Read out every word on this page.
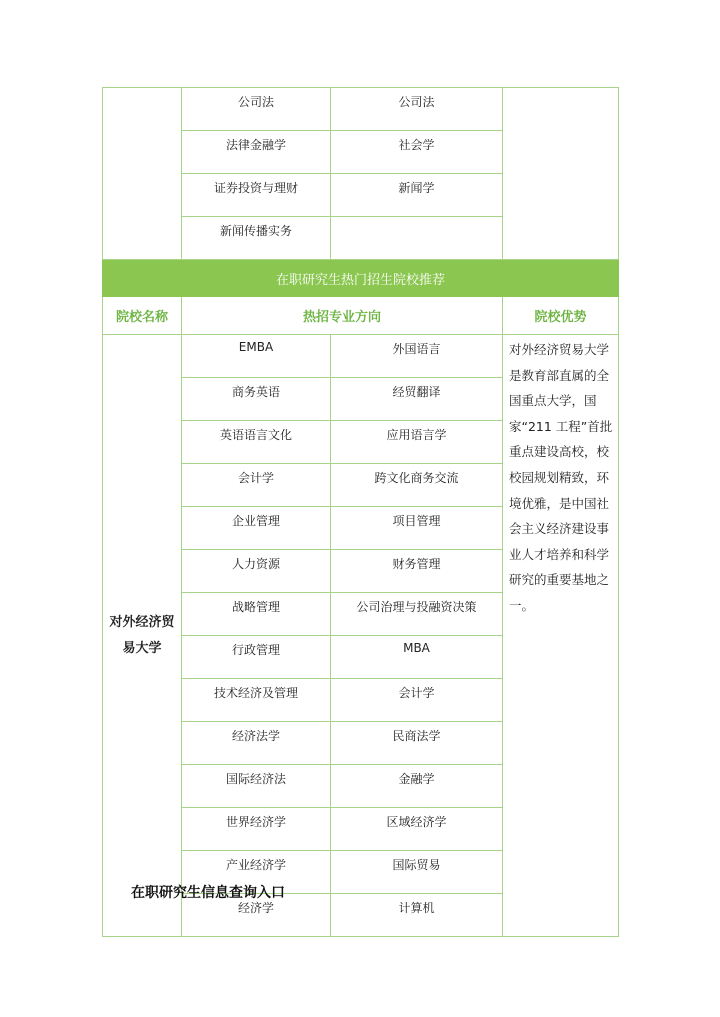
	公司法	公司法	
	法律金融学	社会学	
	证券投资与理财	新闻学	
	新闻传播实务		
在职研究生热门招生院校推荐			
院校名称	热招专业方向		院校优势
对外经济贸易大学	EMBA	外国语言	对外经济贸易大学是教育部直属的全国重点大学，国家“211 工程”首批重点建设高校，校校园规划精致，环境优雅，是中国社会主义经济建设事业人才培养和科学研究的重要基地之一。
	商务英语	经贸翻译	
	英语语言文化	应用语言学	
	会计学	跨文化商务交流	
	企业管理	项目管理	
	人力资源	财务管理	
	战略管理	公司治理与投融资决策	
	行政管理	MBA	
	技术经济及管理	会计学	
	经济法学	民商法学	
	国际经济法	金融学	
	世界经济学	区域经济学	
	产业经济学	国际贸易	
	经济学	计算机	
在职研究生信息查询入口
